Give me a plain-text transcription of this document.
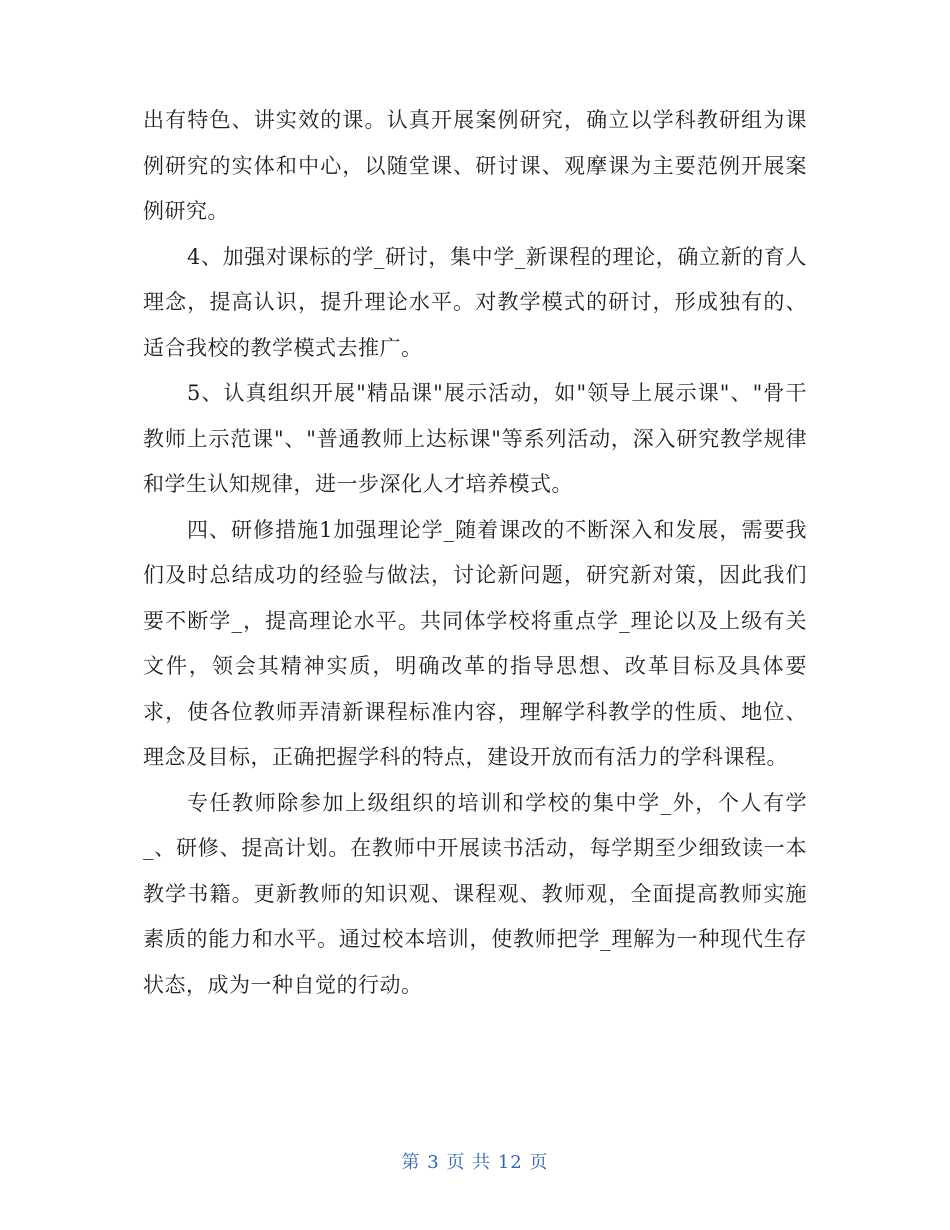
出有特色、讲实效的课。认真开展案例研究，确立以学科教研组为课例研究的实体和中心，以随堂课、研讨课、观摩课为主要范例开展案例研究。

4、加强对课标的学_研讨，集中学_新课程的理论，确立新的育人理念，提高认识，提升理论水平。对教学模式的研讨，形成独有的、适合我校的教学模式去推广。

5、认真组织开展"精品课"展示活动，如"领导上展示课"、"骨干教师上示范课"、"普通教师上达标课"等系列活动，深入研究教学规律和学生认知规律，进一步深化人才培养模式。

四、研修措施1加强理论学_随着课改的不断深入和发展，需要我们及时总结成功的经验与做法，讨论新问题，研究新对策，因此我们要不断学_，提高理论水平。共同体学校将重点学_理论以及上级有关文件，领会其精神实质，明确改革的指导思想、改革目标及具体要求，使各位教师弄清新课程标准内容，理解学科教学的性质、地位、理念及目标，正确把握学科的特点，建设开放而有活力的学科课程。

专任教师除参加上级组织的培训和学校的集中学_外，个人有学_、研修、提高计划。在教师中开展读书活动，每学期至少细致读一本教学书籍。更新教师的知识观、课程观、教师观，全面提高教师实施素质的能力和水平。通过校本培训，使教师把学_理解为一种现代生存状态，成为一种自觉的行动。

第 3 页 共 12 页
